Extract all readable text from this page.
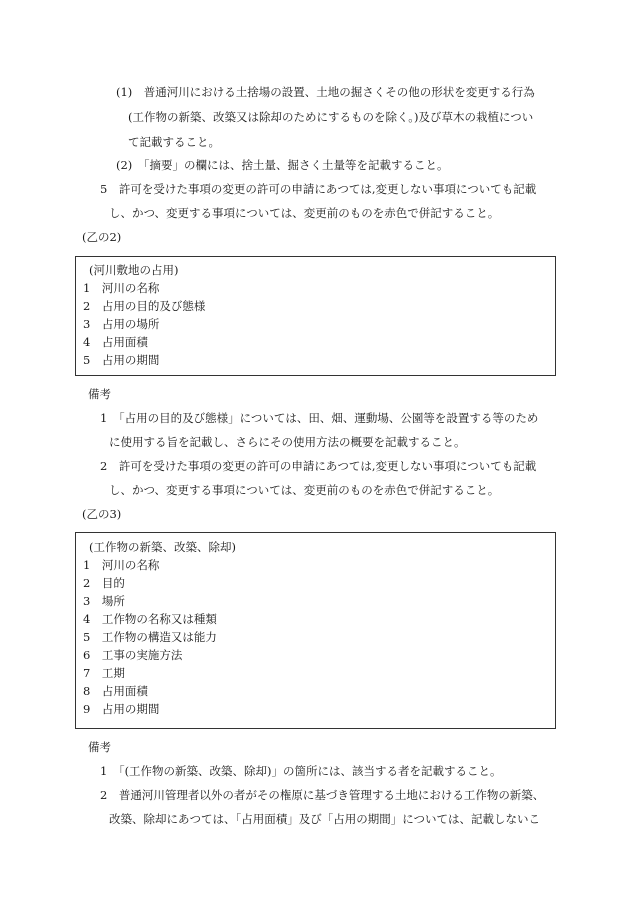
(1)　普通河川における土捨場の設置、土地の掘さくその他の形状を変更する行為
(工作物の新築、改築又は除却のためにするものを除く。)及び草木の栽植につい
て記載すること。
(2)　「摘要」の欄には、捨土量、掘さく土量等を記載すること。
5　許可を受けた事項の変更の許可の申請にあつては,変更しない事項についても記載
し、かつ、変更する事項については、変更前のものを赤色で併記すること。
(乙の2)
(河川敷地の占用)
1　河川の名称
2　占用の目的及び態様
3　占用の場所
4　占用面積
5　占用の期間
備考
1　「占用の目的及び態様」については、田、畑、運動場、公園等を設置する等のため
に使用する旨を記載し、さらにその使用方法の概要を記載すること。
2　許可を受けた事項の変更の許可の申請にあつては,変更しない事項についても記載
し、かつ、変更する事項については、変更前のものを赤色で併記すること。
(乙の3)
(工作物の新築、改築、除却)
1　河川の名称
2　目的
3　場所
4　工作物の名称又は種類
5　工作物の構造又は能力
6　工事の実施方法
7　工期
8　占用面積
9　占用の期間
備考
1　「(工作物の新築、改築、除却)」の箇所には、該当する者を記載すること。
2　普通河川管理者以外の者がその権原に基づき管理する土地における工作物の新築、
改築、除却にあつては、「占用面積」及び「占用の期間」については、記載しないこ
